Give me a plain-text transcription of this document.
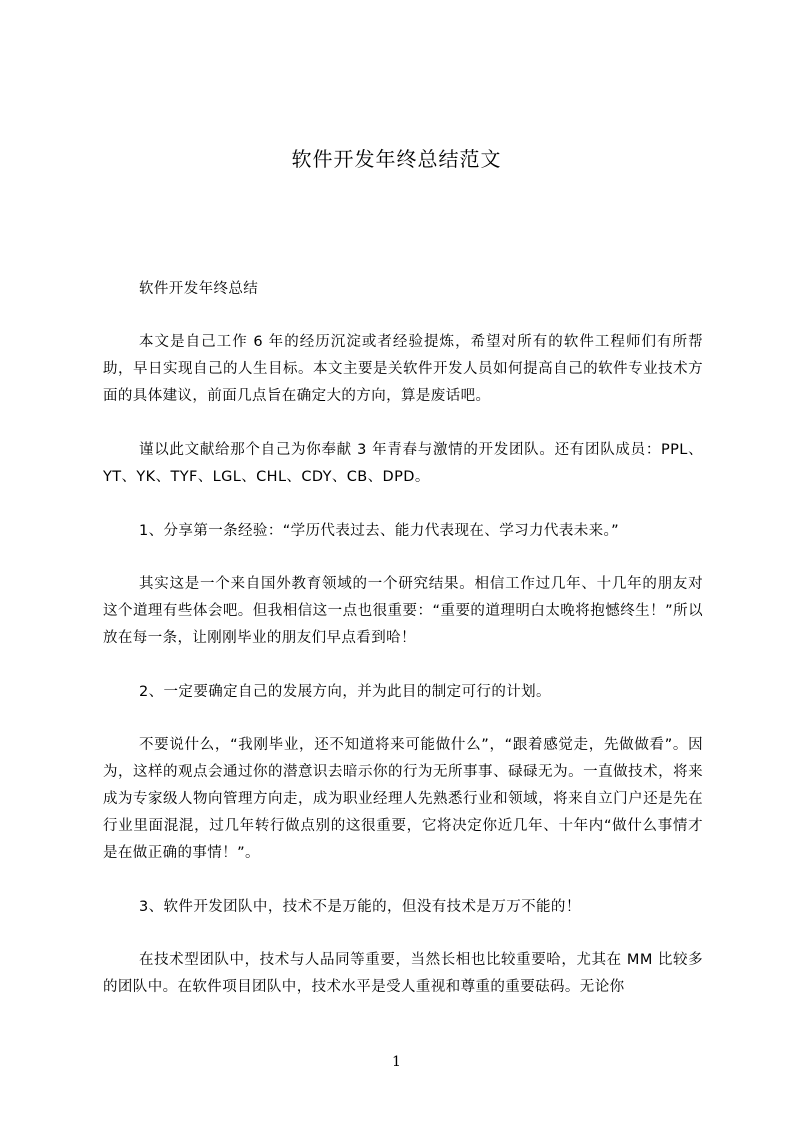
软件开发年终总结范文

软件开发年终总结

本文是自己工作 6 年的经历沉淀或者经验提炼，希望对所有的软件工程师们有所帮助，早日实现自己的人生目标。本文主要是关软件开发人员如何提高自己的软件专业技术方面的具体建议，前面几点旨在确定大的方向，算是废话吧。

谨以此文献给那个自己为你奉献 3 年青春与激情的开发团队。还有团队成员：PPL、YT、YK、TYF、LGL、CHL、CDY、CB、DPD。

1、分享第一条经验：“学历代表过去、能力代表现在、学习力代表未来。”

其实这是一个来自国外教育领域的一个研究结果。相信工作过几年、十几年的朋友对这个道理有些体会吧。但我相信这一点也很重要：“重要的道理明白太晚将抱憾终生！”所以放在每一条，让刚刚毕业的朋友们早点看到哈！

2、一定要确定自己的发展方向，并为此目的制定可行的计划。

不要说什么，“我刚毕业，还不知道将来可能做什么”，“跟着感觉走，先做做看”。因为，这样的观点会通过你的潜意识去暗示你的行为无所事事、碌碌无为。一直做技术，将来成为专家级人物向管理方向走，成为职业经理人先熟悉行业和领域，将来自立门户还是先在行业里面混混，过几年转行做点别的这很重要，它将决定你近几年、十年内“做什么事情才是在做正确的事情！”。

3、软件开发团队中，技术不是万能的，但没有技术是万万不能的！

在技术型团队中，技术与人品同等重要，当然长相也比较重要哈，尤其在 MM 比较多的团队中。在软件项目团队中，技术水平是受人重视和尊重的重要砝码。无论你

1
